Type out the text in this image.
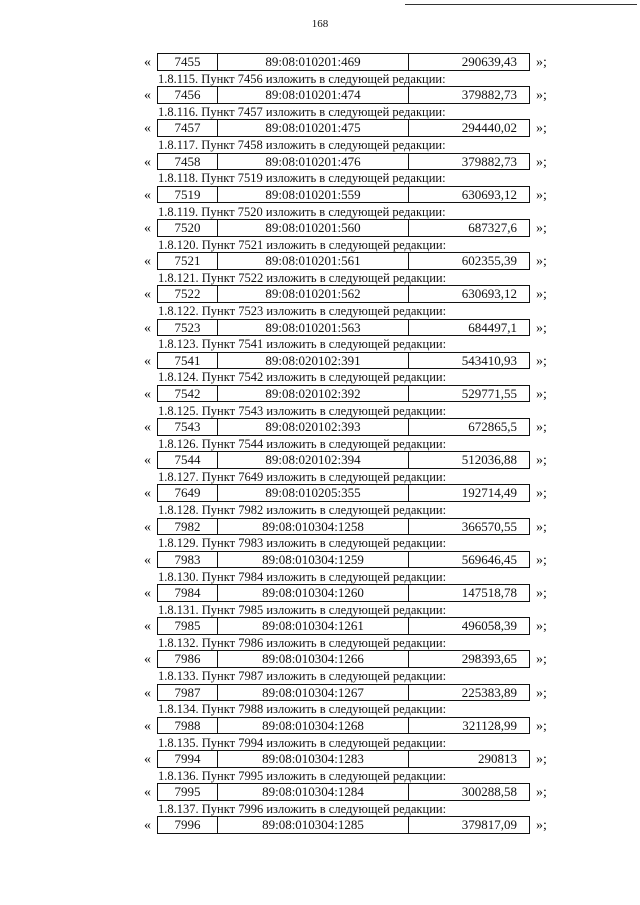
168
«	7455	89:08:010201:469	290639,43	»;
1.8.115. Пункт 7456 изложить в следующей редакции:
«	7456	89:08:010201:474	379882,73	»;
1.8.116. Пункт 7457 изложить в следующей редакции:
«	7457	89:08:010201:475	294440,02	»;
1.8.117. Пункт 7458 изложить в следующей редакции:
«	7458	89:08:010201:476	379882,73	»;
1.8.118. Пункт 7519 изложить в следующей редакции:
«	7519	89:08:010201:559	630693,12	»;
1.8.119. Пункт 7520 изложить в следующей редакции:
«	7520	89:08:010201:560	687327,6	»;
1.8.120. Пункт 7521 изложить в следующей редакции:
«	7521	89:08:010201:561	602355,39	»;
1.8.121. Пункт 7522 изложить в следующей редакции:
«	7522	89:08:010201:562	630693,12	»;
1.8.122. Пункт 7523 изложить в следующей редакции:
«	7523	89:08:010201:563	684497,1	»;
1.8.123. Пункт 7541 изложить в следующей редакции:
«	7541	89:08:020102:391	543410,93	»;
1.8.124. Пункт 7542 изложить в следующей редакции:
«	7542	89:08:020102:392	529771,55	»;
1.8.125. Пункт 7543 изложить в следующей редакции:
«	7543	89:08:020102:393	672865,5	»;
1.8.126. Пункт 7544 изложить в следующей редакции:
«	7544	89:08:020102:394	512036,88	»;
1.8.127. Пункт 7649 изложить в следующей редакции:
«	7649	89:08:010205:355	192714,49	»;
1.8.128. Пункт 7982 изложить в следующей редакции:
«	7982	89:08:010304:1258	366570,55	»;
1.8.129. Пункт 7983 изложить в следующей редакции:
«	7983	89:08:010304:1259	569646,45	»;
1.8.130. Пункт 7984 изложить в следующей редакции:
«	7984	89:08:010304:1260	147518,78	»;
1.8.131. Пункт 7985 изложить в следующей редакции:
«	7985	89:08:010304:1261	496058,39	»;
1.8.132. Пункт 7986 изложить в следующей редакции:
«	7986	89:08:010304:1266	298393,65	»;
1.8.133. Пункт 7987 изложить в следующей редакции:
«	7987	89:08:010304:1267	225383,89	»;
1.8.134. Пункт 7988 изложить в следующей редакции:
«	7988	89:08:010304:1268	321128,99	»;
1.8.135. Пункт 7994 изложить в следующей редакции:
«	7994	89:08:010304:1283	290813	»;
1.8.136. Пункт 7995 изложить в следующей редакции:
«	7995	89:08:010304:1284	300288,58	»;
1.8.137. Пункт 7996 изложить в следующей редакции:
«	7996	89:08:010304:1285	379817,09	»;
